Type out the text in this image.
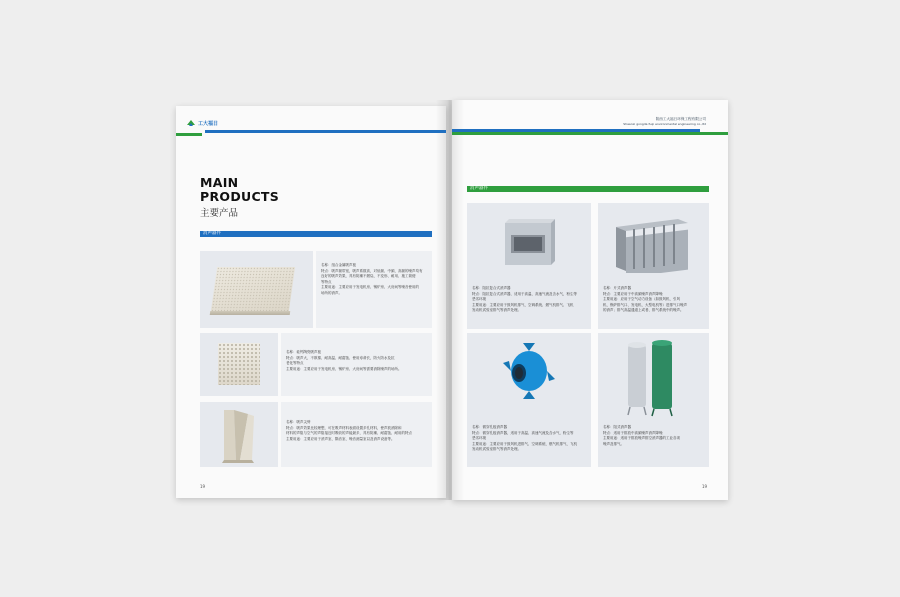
工大福日
MAIN
PRODUCTS
主要产品
消声器件

名称：组合金属吸声板

特点：吸声频带宽，吸声系数高，对低频、中频、高频的噪声均有

良好的吸声效果，具有防潮不燃烧、不变形、耐用、施工简便

等特点

主要用途：主要应用于发电机房、锅炉房、大房间等噪音使用的

场所的消声。

名称：硅钙陶瓷吸声板

特点：吸声大，不散棉、耐高温、耐腐蚀、使用寿命长，防火防水及抗

老化等特点

主要用途：主要应用于发电机房、锅炉房、大房间等需要消除噪声的场所。

名称：吸声尖劈

特点：吸声效果比较理想，可在吸声材料表面设置多孔材料，使声波消除和

材料的声阻与空气的声阻接近时吸收的声能最多，具有防潮、耐腐蚀、耐用的特点

主要用途：主要应用于消声室、隔音室、噪音测量室以及消声设备等。

19
陕西工大福日环保工程有限公司
Shaanxi gongda fuqi environmental engineering co.,ltd
消声器件

名称：阻抗复合式消声器

特点：阻抗复合式消声器，适用于高温、高速气流及含水气，粉尘等

恶劣环境

主要用途：主要应用于鼓风机排气、空调系统、燃气机排气、飞机

发动机试验室排气等消声处理。

名称：片式消声器

特点：主要应用于中高频噪声消声降噪

主要用途：应用于空气动力设备（如鼓风机、引风

机、锅炉排气口、发电机、大型电机等）进排气口噪声

的消声；排气高温通道上或者、排气系统中的噪声。

名称：微穿孔板消声器

特点：微穿孔板消声器，适用于高温、高速气流及含水气，粉尘等

恶劣环境

主要用途：主要应用于鼓风机进排气、空调系统、燃气机排气、飞机

发动机试验室排气等消声处理。

名称：阻式消声器

特点：适用于排放中高频噪声消声降噪

主要用途：适用于排放噪声排空消声器的工业各项

噪声及排气。

19
